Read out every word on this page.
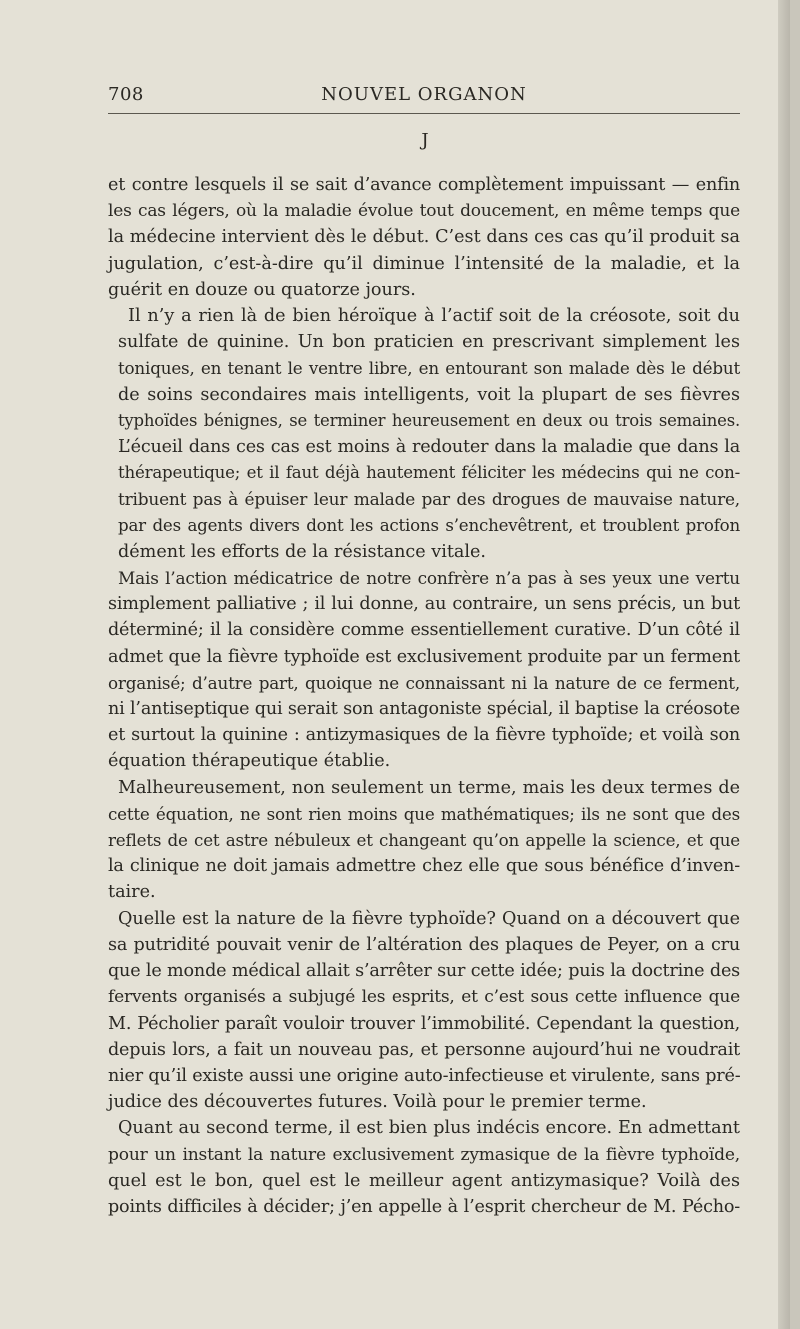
708	NOUVEL ORGANON
J

et contre lesquels il se sait d’avance complètement impuissant — enfin
les cas légers, où la maladie évolue tout doucement, en même temps que
la médecine intervient dès le début. C’est dans ces cas qu’il produit sa
jugulation, c’est-à-dire qu’il diminue l’intensité de la maladie, et la
guérit en douze ou quatorze jours.

Il n’y a rien là de bien héroïque à l’actif soit de la créosote, soit du
sulfate de quinine. Un bon praticien en prescrivant simplement les
toniques, en tenant le ventre libre, en entourant son malade dès le début
de soins secondaires mais intelligents, voit la plupart de ses fièvres
typhoïdes bénignes, se terminer heureusement en deux ou trois semaines.
L’écueil dans ces cas est moins à redouter dans la maladie que dans la
thérapeutique; et il faut déjà hautement féliciter les médecins qui ne con-
tribuent pas à épuiser leur malade par des drogues de mauvaise nature,
par des agents divers dont les actions s’enchevêtrent, et troublent profon
dément les efforts de la résistance vitale.

Mais l’action médicatrice de notre confrère n’a pas à ses yeux une vertu
simplement palliative ; il lui donne, au contraire, un sens précis, un but
déterminé; il la considère comme essentiellement curative. D’un côté il
admet que la fièvre typhoïde est exclusivement produite par un ferment
organisé; d’autre part, quoique ne connaissant ni la nature de ce ferment,
ni l’antiseptique qui serait son antagoniste spécial, il baptise la créosote
et surtout la quinine : antizymasiques de la fièvre typhoïde; et voilà son
équation thérapeutique établie.

Malheureusement, non seulement un terme, mais les deux termes de
cette équation, ne sont rien moins que mathématiques; ils ne sont que des
reflets de cet astre nébuleux et changeant qu’on appelle la science, et que
la clinique ne doit jamais admettre chez elle que sous bénéfice d’inven-
taire.

Quelle est la nature de la fièvre typhoïde? Quand on a découvert que
sa putridité pouvait venir de l’altération des plaques de Peyer, on a cru
que le monde médical allait s’arrêter sur cette idée; puis la doctrine des
fervents organisés a subjugé les esprits, et c’est sous cette influence que
M. Pécholier paraît vouloir trouver l’immobilité. Cependant la question,
depuis lors, a fait un nouveau pas, et personne aujourd’hui ne voudrait
nier qu’il existe aussi une origine auto-infectieuse et virulente, sans pré-
judice des découvertes futures. Voilà pour le premier terme.

Quant au second terme, il est bien plus indécis encore. En admettant
pour un instant la nature exclusivement zymasique de la fièvre typhoïde,
quel est le bon, quel est le meilleur agent antizymasique? Voilà des
points difficiles à décider; j’en appelle à l’esprit chercheur de M. Pécho-
